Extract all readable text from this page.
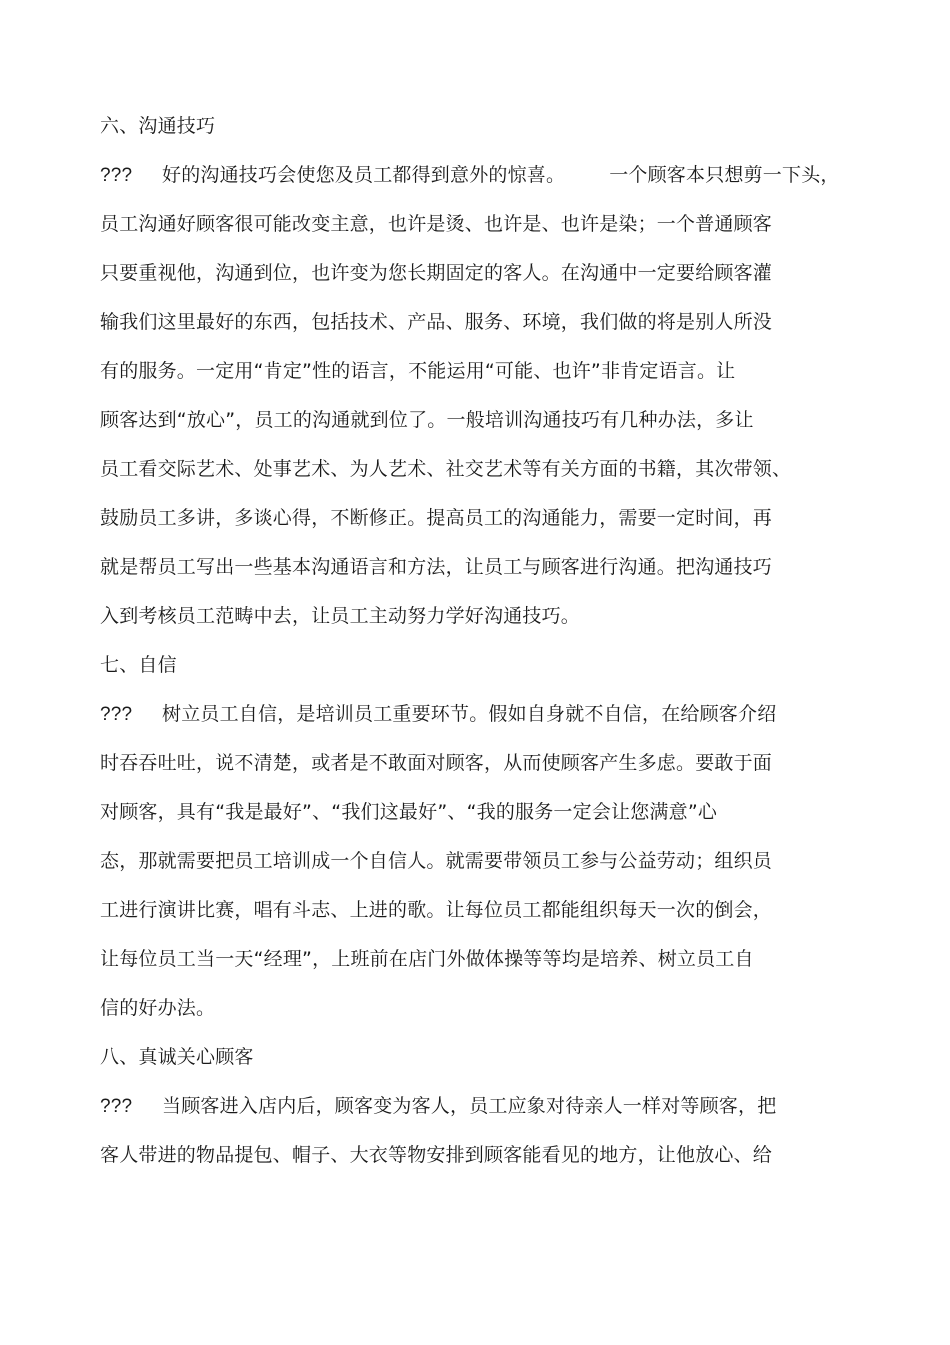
六、沟通技巧
??? 好的沟通技巧会使您及员工都得到意外的惊喜。 一个顾客本只想剪一下头，
员工沟通好顾客很可能改变主意，也许是烫、也许是、也许是染；一个普通顾客
只要重视他，沟通到位，也许变为您长期固定的客人。在沟通中一定要给顾客灌
输我们这里最好的东西，包括技术、产品、服务、环境，我们做的将是别人所没
有的服务。一定用“肯定”性的语言，不能运用“可能、也许”非肯定语言。让
顾客达到“放心”，员工的沟通就到位了。一般培训沟通技巧有几种办法，多让
员工看交际艺术、处事艺术、为人艺术、社交艺术等有关方面的书籍，其次带领、
鼓励员工多讲，多谈心得，不断修正。提高员工的沟通能力，需要一定时间，再
就是帮员工写出一些基本沟通语言和方法，让员工与顾客进行沟通。把沟通技巧
入到考核员工范畴中去，让员工主动努力学好沟通技巧。
七、自信
??? 树立员工自信，是培训员工重要环节。假如自身就不自信，在给顾客介绍
时吞吞吐吐，说不清楚，或者是不敢面对顾客，从而使顾客产生多虑。要敢于面
对顾客，具有“我是最好”、“我们这最好”、“我的服务一定会让您满意”心
态，那就需要把员工培训成一个自信人。就需要带领员工参与公益劳动；组织员
工进行演讲比赛，唱有斗志、上进的歌。让每位员工都能组织每天一次的倒会，
让每位员工当一天“经理”，上班前在店门外做体操等等均是培养、树立员工自
信的好办法。
八、真诚关心顾客
??? 当顾客进入店内后，顾客变为客人，员工应象对待亲人一样对等顾客，把
客人带进的物品提包、帽子、大衣等物安排到顾客能看见的地方，让他放心、给
